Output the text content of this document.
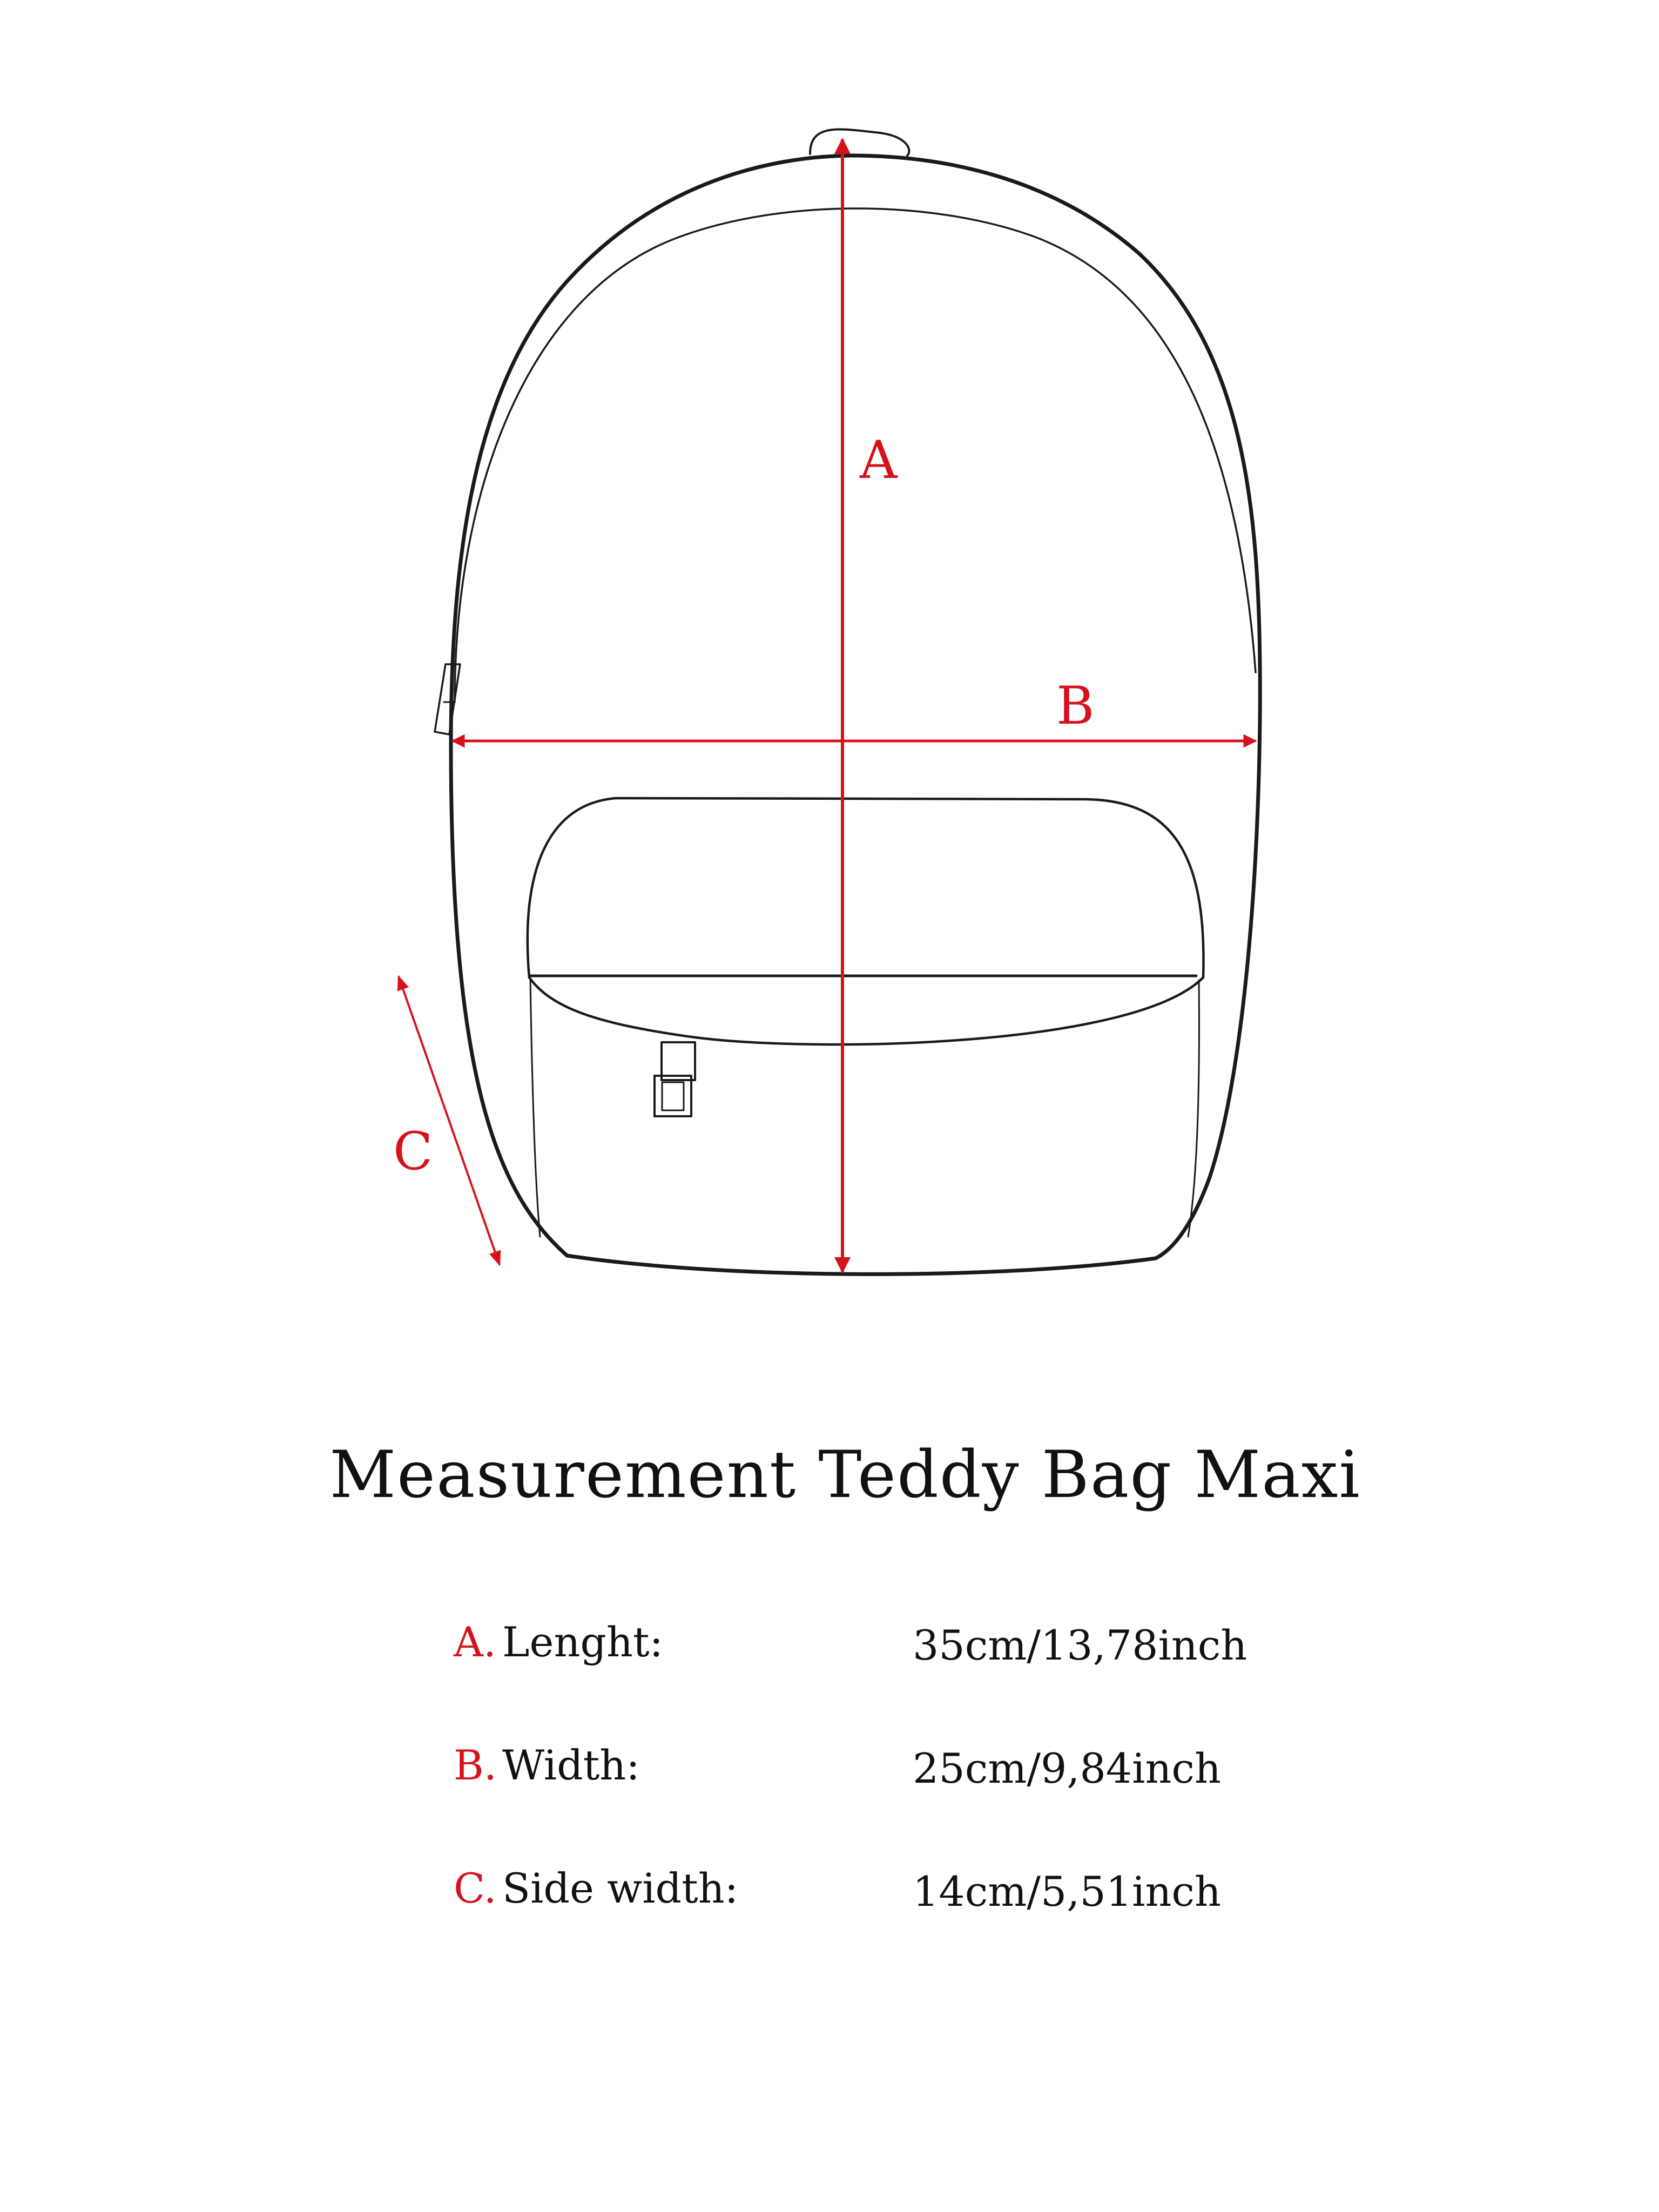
A
B
C
Measurement Teddy Bag Maxi
A. Lenght:	35cm/13,78inch
B. Width:	25cm/9,84inch
C. Side width:	14cm/5,51inch
